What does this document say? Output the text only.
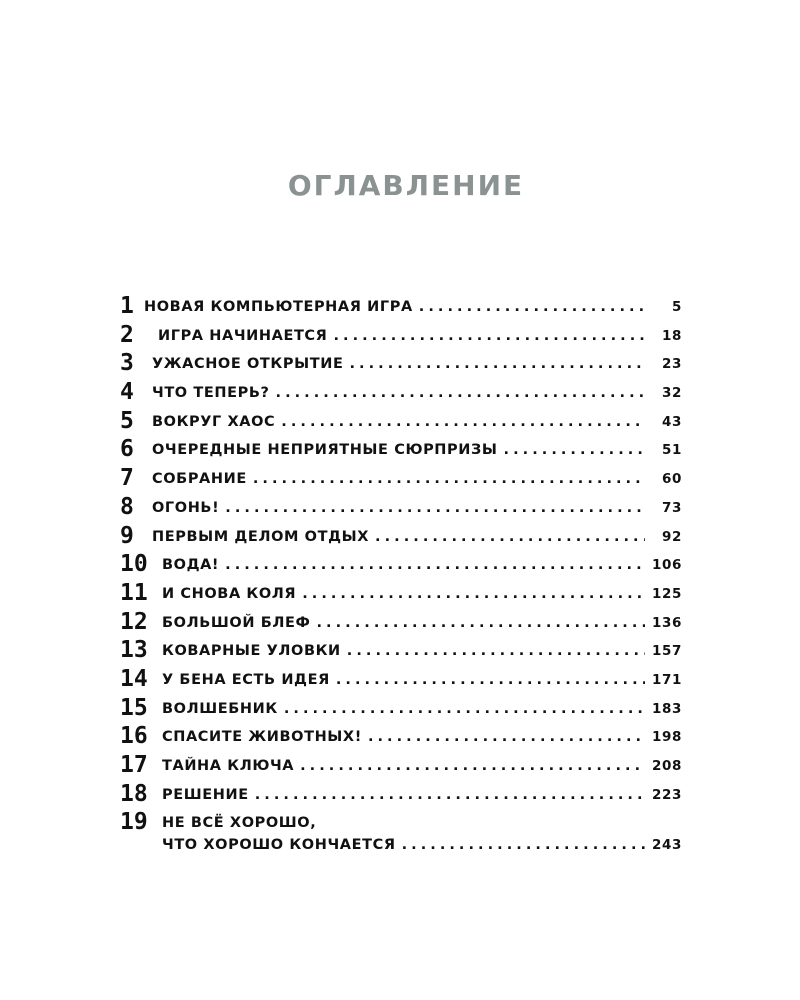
ОГЛАВЛЕНИЕ
1 НОВАЯ КОМПЬЮТЕРНАЯ ИГРА . . .	5
2 ИГРА НАЧИНАЕТСЯ . . .	18
3 УЖАСНОЕ ОТКРЫТИЕ . . .	23
4 ЧТО ТЕПЕРЬ? . . .	32
5 ВОКРУГ ХАОС . . .	43
6 ОЧЕРЕДНЫЕ НЕПРИЯТНЫЕ СЮРПРИЗЫ . . .	51
7 СОБРАНИЕ . . .	60
8 ОГОНЬ! . . .	73
9 ПЕРВЫМ ДЕЛОМ ОТДЫХ . . .	92
10 ВОДА! . . .	106
11 И СНОВА КОЛЯ . . .	125
12 БОЛЬШОЙ БЛЕФ . . .	136
13 КОВАРНЫЕ УЛОВКИ . . .	157
14 У БЕНА ЕСТЬ ИДЕЯ . . .	171
15 ВОЛШЕБНИК . . .	183
16 СПАСИТЕ ЖИВОТНЫХ! . . .	198
17 ТАЙНА КЛЮЧА . . .	208
18 РЕШЕНИЕ . . .	223
19 НЕ ВСЁ ХОРОШО,
ЧТО ХОРОШО КОНЧАЕТСЯ . . .	243
